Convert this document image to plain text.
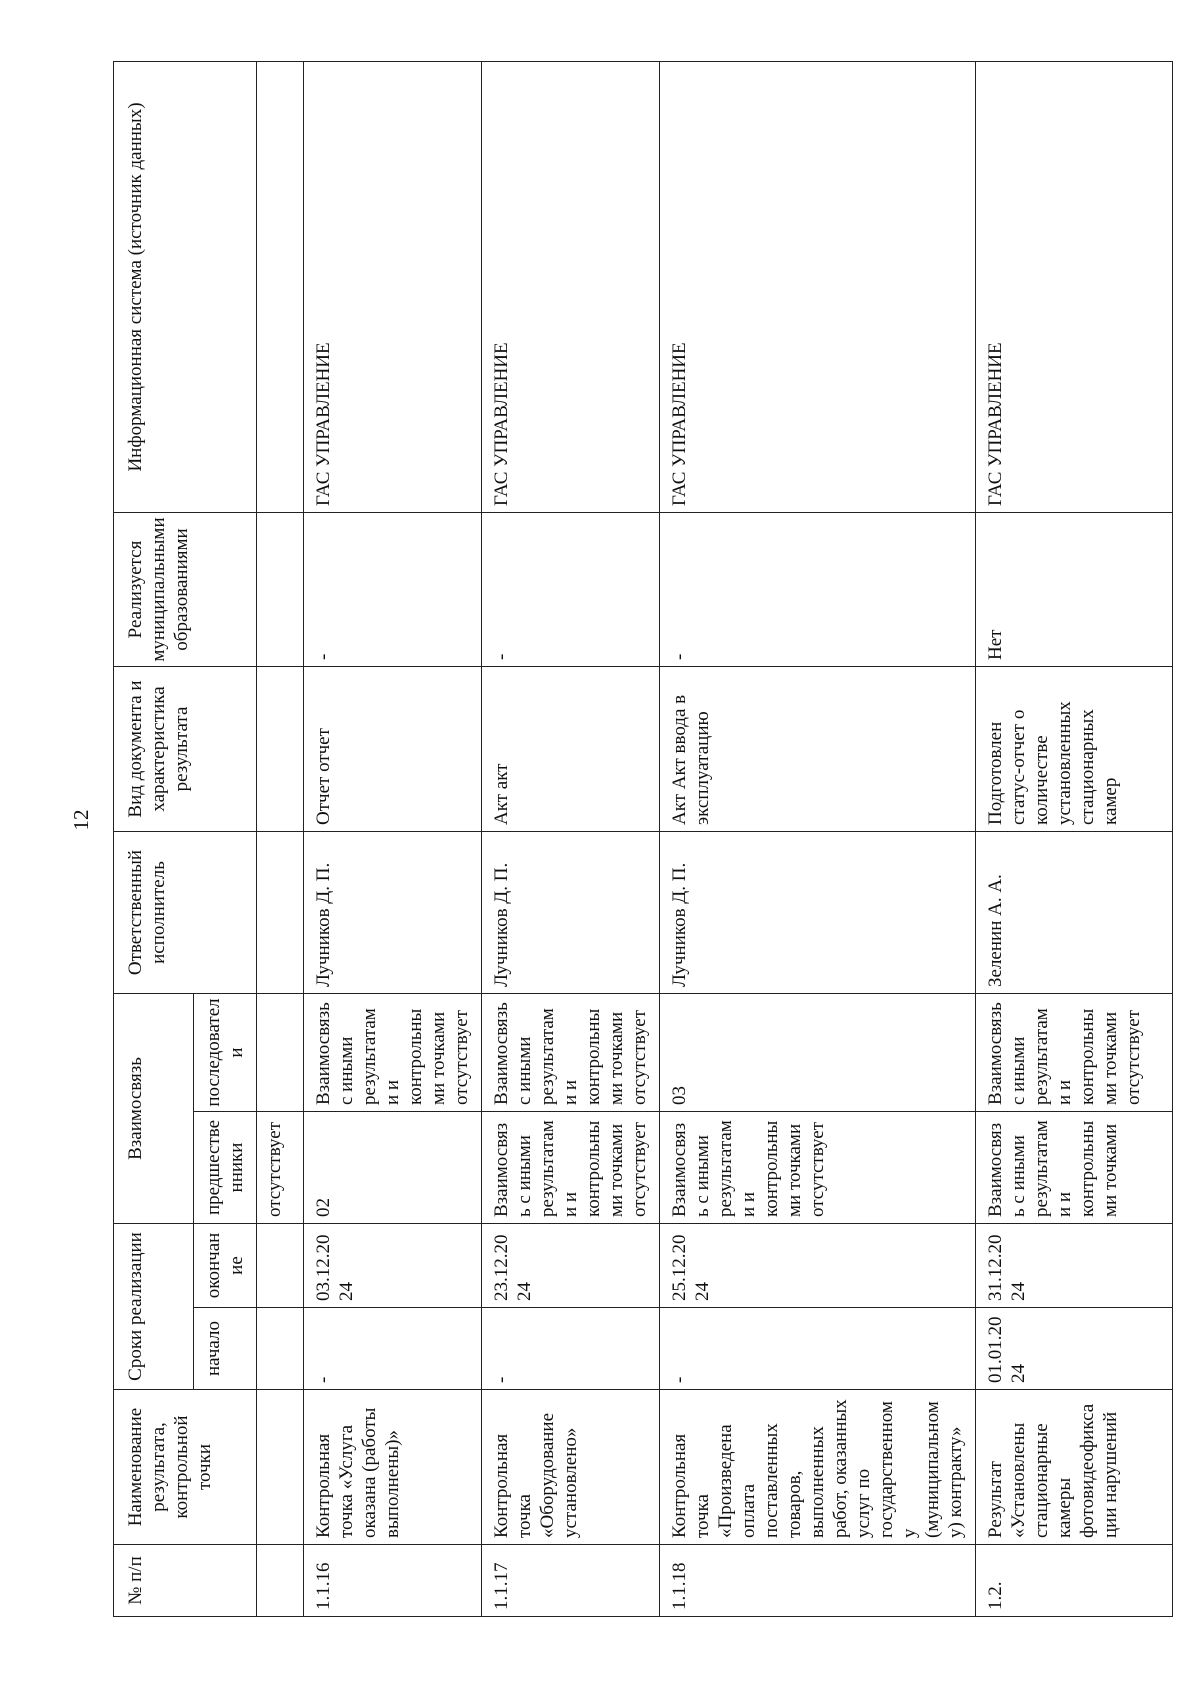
12
№ п/п	Наименование результата, контрольной точки	Сроки реализации		Взаимосвязь		Ответственный исполнитель	Вид документа и характеристика результата	Реализуется муниципальными образованиями	Информационная система (источник данных)
		начало	окончание	предшественники	последователи				
				отсутствует					
1.1.16	Контрольная точка «Услуга оказана (работы выполнены)»	-	03.12.2024	02	Взаимосвязь с иными результатами и контрольными точками отсутствует	Лучников Д. П.	Отчет отчет	-	ГАС УПРАВЛЕНИЕ
1.1.17	Контрольная точка «Оборудование установлено»	-	23.12.2024	Взаимосвязь с иными результатами и контрольными точками отсутствует	Взаимосвязь с иными результатами и контрольными точками отсутствует	Лучников Д. П.	Акт акт	-	ГАС УПРАВЛЕНИЕ
1.1.18	Контрольная точка «Произведена оплата поставленных товаров, выполненных работ, оказанных услуг по государственному (муниципальному) контракту»	-	25.12.2024	Взаимосвязь с иными результатами и контрольными точками отсутствует	03	Лучников Д. П.	Акт Акт ввода в эксплуатацию	-	ГАС УПРАВЛЕНИЕ
1.2.	Результат «Установлены стационарные камеры фотовидеофиксации нарушений	01.01.2024	31.12.2024	Взаимосвязь с иными результатами и контрольными точками	Взаимосвязь с иными результатами и контрольными точками отсутствует	Зеленин А. А.	Подготовлен статус-отчет о количестве установленных стационарных камер	Нет	ГАС УПРАВЛЕНИЕ
